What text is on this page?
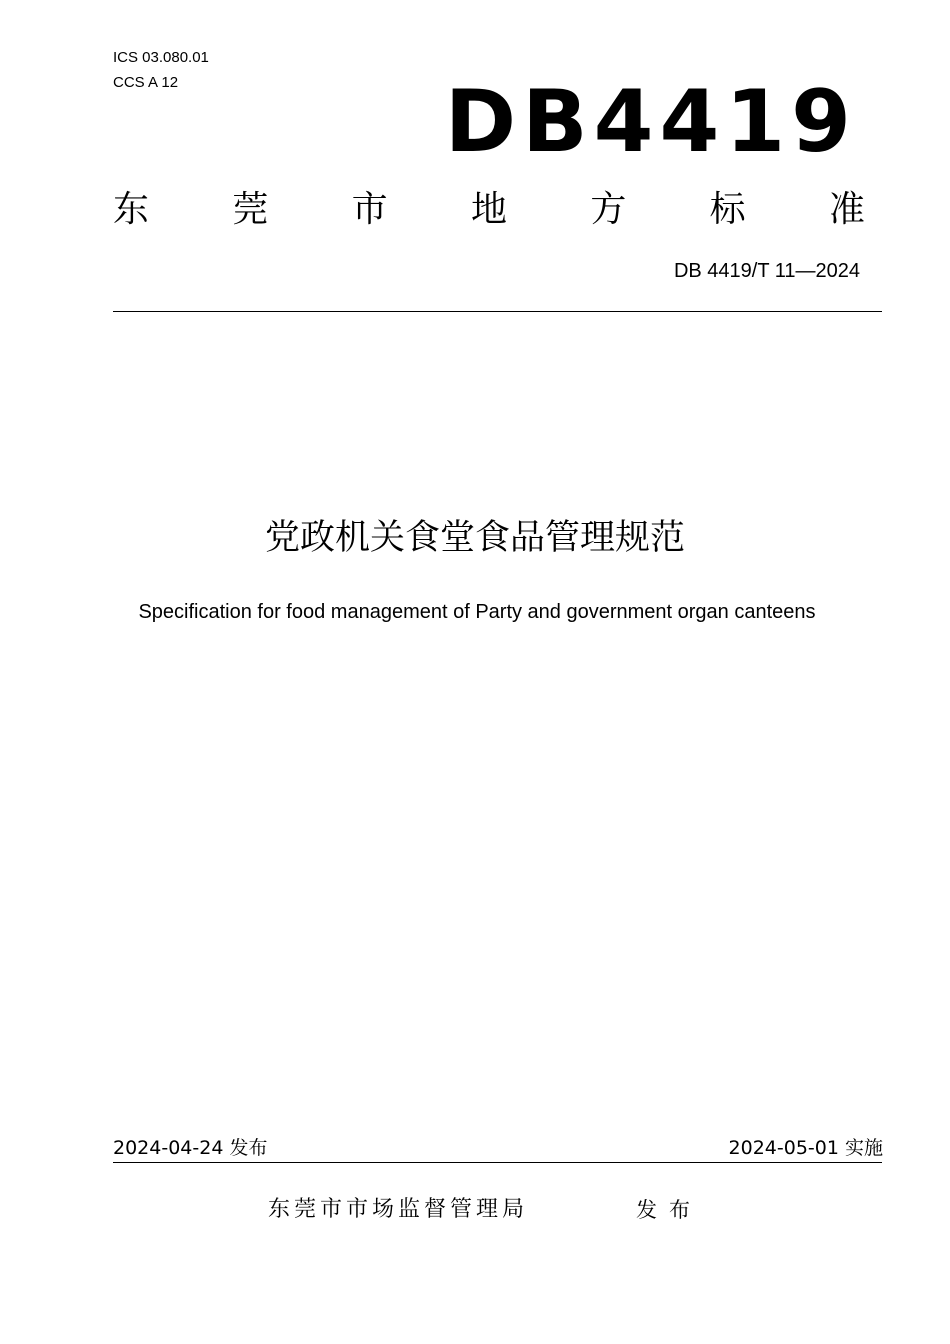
ICS 03.080.01
CCS A 12	DB4419
东 莞 市 地 方 标 准
DB 4419/T 11—2024
党政机关食堂食品管理规范
Specification for food management of Party and government organ canteens
2024-04-24 发布	2024-05-01 实施
东莞市市场监督管理局	发布
